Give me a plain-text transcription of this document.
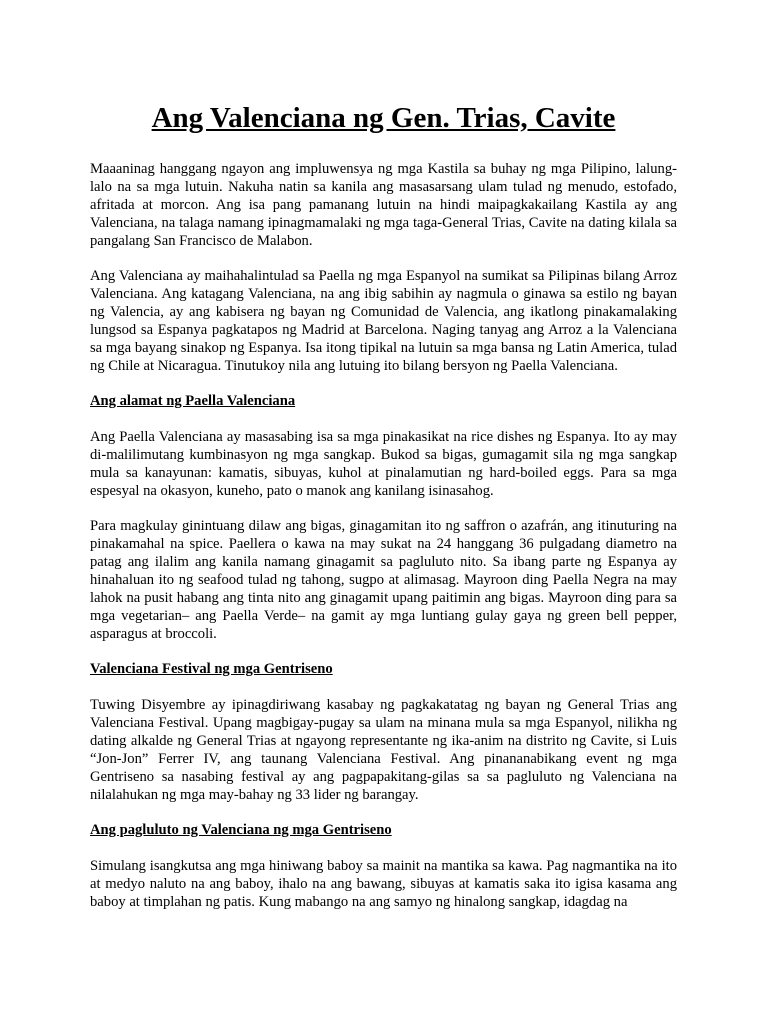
Ang Valenciana ng Gen. Trias, Cavite

Maaaninag hanggang ngayon ang impluwensya ng mga Kastila sa buhay ng mga Pilipino, lalung-lalo na sa mga lutuin. Nakuha natin sa kanila ang masasarsang ulam tulad ng menudo, estofado, afritada at morcon. Ang isa pang pamanang lutuin na hindi maipagkakailang Kastila ay ang Valenciana, na talaga namang ipinagmamalaki ng mga taga-General Trias, Cavite na dating kilala sa pangalang San Francisco de Malabon.

Ang Valenciana ay maihahalintulad sa Paella ng mga Espanyol na sumikat sa Pilipinas bilang Arroz Valenciana. Ang katagang Valenciana, na ang ibig sabihin ay nagmula o ginawa sa estilo ng bayan ng Valencia, ay ang kabisera ng bayan ng Comunidad de Valencia, ang ikatlong pinakamalaking lungsod sa Espanya pagkatapos ng Madrid at Barcelona. Naging tanyag ang Arroz a la Valenciana sa mga bayang sinakop ng Espanya. Isa itong tipikal na lutuin sa mga bansa ng Latin America, tulad ng Chile at Nicaragua. Tinutukoy nila ang lutuing ito bilang bersyon ng Paella Valenciana.

Ang alamat ng Paella Valenciana

Ang Paella Valenciana ay masasabing isa sa mga pinakasikat na rice dishes ng Espanya. Ito ay may di-malilimutang kumbinasyon ng mga sangkap. Bukod sa bigas, gumagamit sila ng mga sangkap mula sa kanayunan: kamatis, sibuyas, kuhol at pinalamutian ng hard-boiled eggs. Para sa mga espesyal na okasyon, kuneho, pato o manok ang kanilang isinasahog.

Para magkulay ginintuang dilaw ang bigas, ginagamitan ito ng saffron o azafrán, ang itinuturing na pinakamahal na spice. Paellera o kawa na may sukat na 24 hanggang 36 pulgadang diametro na patag ang ilalim ang kanila namang ginagamit sa pagluluto nito. Sa ibang parte ng Espanya ay hinahaluan ito ng seafood tulad ng tahong, sugpo at alimasag. Mayroon ding Paella Negra na may lahok na pusit habang ang tinta nito ang ginagamit upang paitimin ang bigas. Mayroon ding para sa mga vegetarian– ang Paella Verde– na gamit ay mga luntiang gulay gaya ng green bell pepper, asparagus at broccoli.

Valenciana Festival ng mga Gentriseno

Tuwing Disyembre ay ipinagdiriwang kasabay ng pagkakatatag ng bayan ng General Trias ang Valenciana Festival. Upang magbigay-pugay sa ulam na minana mula sa mga Espanyol, nilikha ng dating alkalde ng General Trias at ngayong representante ng ika-anim na distrito ng Cavite, si Luis “Jon-Jon” Ferrer IV, ang taunang Valenciana Festival. Ang pinananabikang event ng mga Gentriseno sa nasabing festival ay ang pagpapakitang-gilas sa sa pagluluto ng Valenciana na nilalahukan ng mga may-bahay ng 33 lider ng barangay.

Ang pagluluto ng Valenciana ng mga Gentriseno

Simulang isangkutsa ang mga hiniwang baboy sa mainit na mantika sa kawa. Pag nagmantika na ito at medyo naluto na ang baboy, ihalo na ang bawang, sibuyas at kamatis saka ito igisa kasama ang baboy at timplahan ng patis. Kung mabango na ang samyo ng hinalong sangkap, idagdag na
